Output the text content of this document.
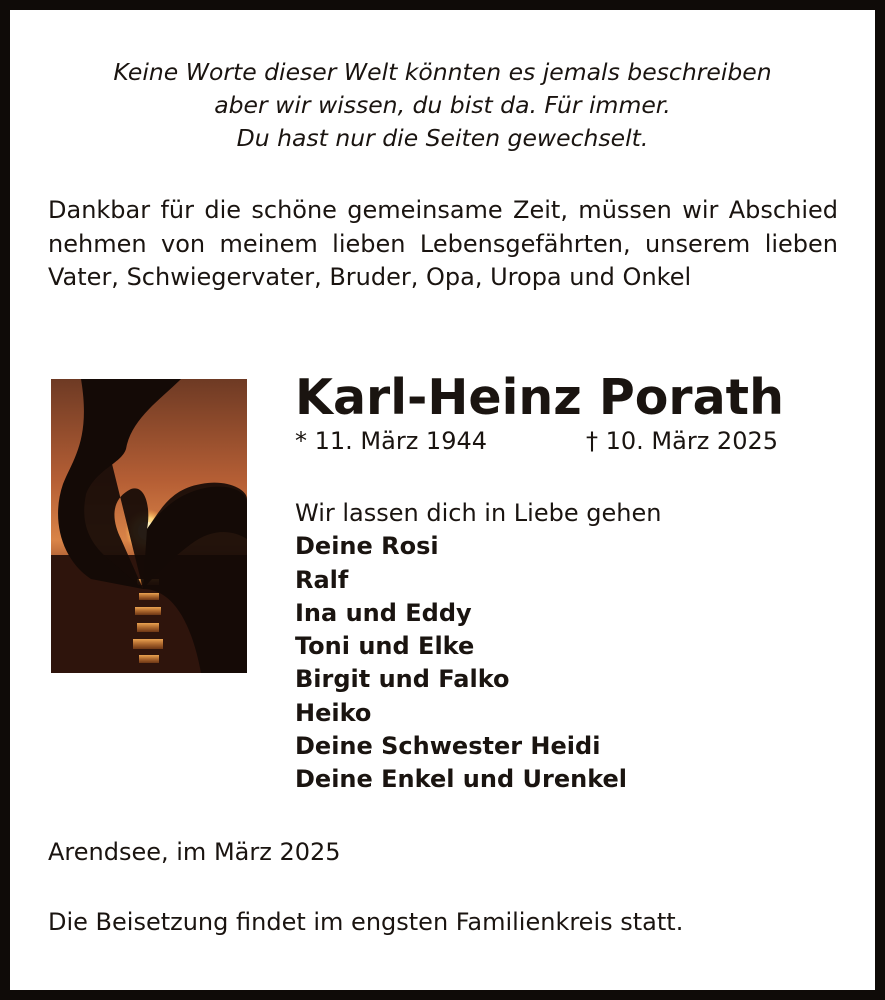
Keine Worte dieser Welt könnten es jemals beschreiben
aber wir wissen, du bist da. Für immer.
Du hast nur die Seiten gewechselt.
Dankbar für die schöne gemeinsame Zeit, müssen wir Abschied nehmen von meinem lieben Lebensgefährten, unserem lieben Vater, Schwiegervater, Bruder, Opa, Uropa und Onkel
Karl-Heinz Porath
* 11. März 1944	† 10. März 2025
Wir lassen dich in Liebe gehen
Deine Rosi
Ralf
Ina und Eddy
Toni und Elke
Birgit und Falko
Heiko
Deine Schwester Heidi
Deine Enkel und Urenkel
Arendsee, im März 2025
Die Beisetzung findet im engsten Familienkreis statt.
